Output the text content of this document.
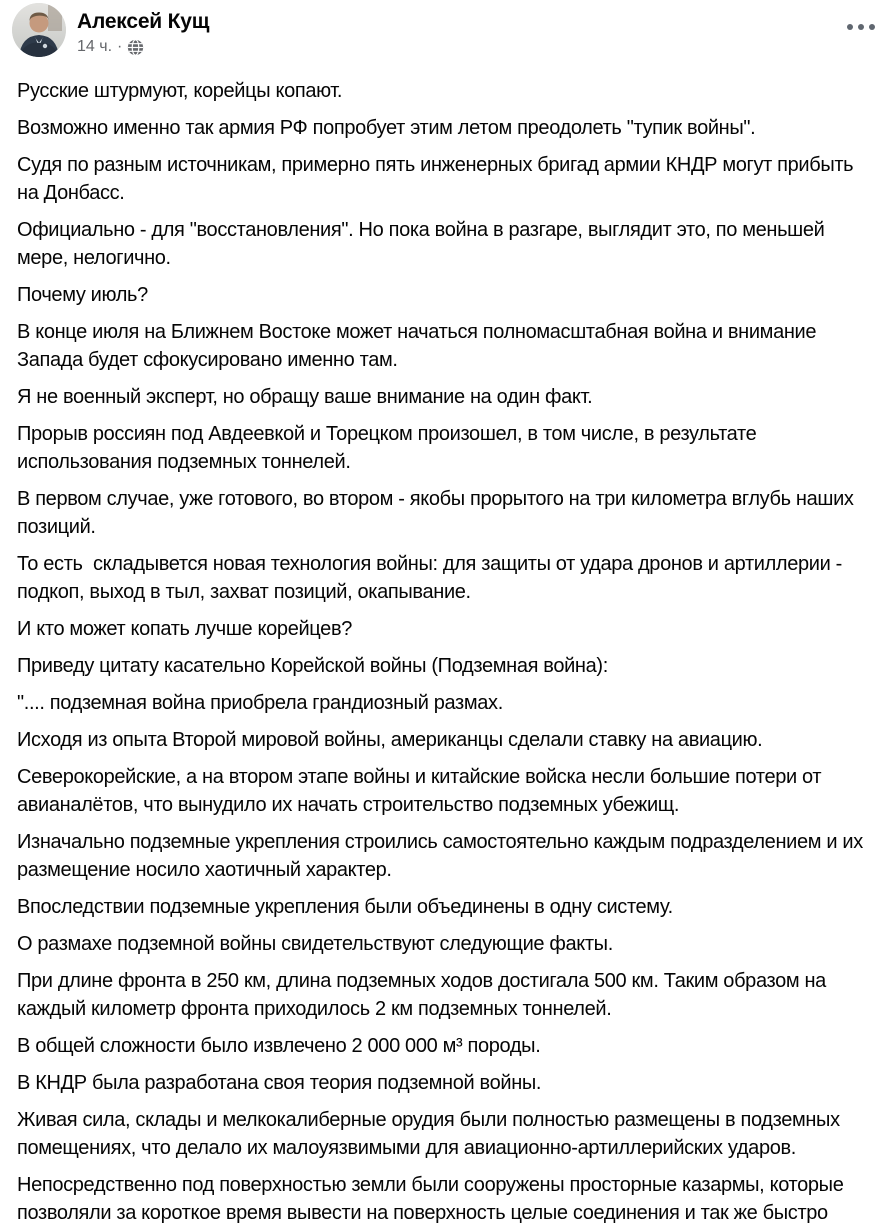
Алексей Кущ
14 ч. ·

Русские штурмуют, корейцы копают.

Возможно именно так армия РФ попробует этим летом преодолеть "тупик войны".

Судя по разным источникам, примерно пять инженерных бригад армии КНДР могут прибыть на Донбасс.

Официально - для "восстановления". Но пока война в разгаре, выглядит это, по меньшей мере, нелогично.

Почему июль?

В конце июля на Ближнем Востоке может начаться полномасштабная война и внимание Запада будет сфокусировано именно там.

Я не военный эксперт, но обращу ваше внимание на один факт.

Прорыв россиян под Авдеевкой и Торецком произошел, в том числе, в результате использования подземных тоннелей.

В первом случае, уже готового, во втором - якобы прорытого на три километра вглубь наших позиций.

То есть  складывется новая технология войны: для защиты от удара дронов и артиллерии - подкоп, выход в тыл, захват позиций, окапывание.

И кто может копать лучше корейцев?

Приведу цитату касательно Корейской войны (Подземная война):

".... подземная война приобрела грандиозный размах.

Исходя из опыта Второй мировой войны, американцы сделали ставку на авиацию.

Северокорейские, а на втором этапе войны и китайские войска несли большие потери от авианалётов, что вынудило их начать строительство подземных убежищ.

Изначально подземные укрепления строились самостоятельно каждым подразделением и их размещение носило хаотичный характер.

Впоследствии подземные укрепления были объединены в одну систему.

О размахе подземной войны свидетельствуют следующие факты.

При длине фронта в 250 км, длина подземных ходов достигала 500 км. Таким образом на каждый километр фронта приходилось 2 км подземных тоннелей.

В общей сложности было извлечено 2 000 000 м³ породы.

В КНДР была разработана своя теория подземной войны.

Живая сила, склады и мелкокалиберные орудия были полностью размещены в подземных помещениях, что делало их малоуязвимыми для авиационно-артиллерийских ударов.

Непосредственно под поверхностью земли были сооружены просторные казармы, которые позволяли за короткое время вывести на поверхность целые соединения и так же быстро
